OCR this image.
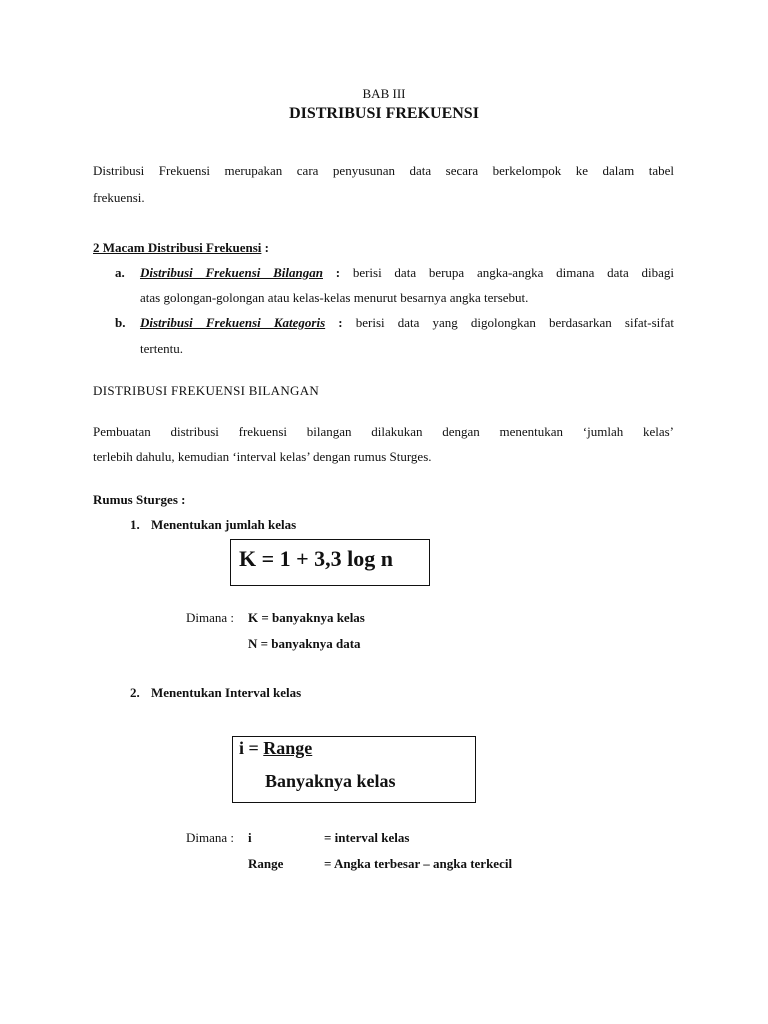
BAB III
DISTRIBUSI FREKUENSI
Distribusi Frekuensi merupakan cara penyusunan data secara berkelompok ke dalam tabel
frekuensi.
2 Macam Distribusi Frekuensi :
a. Distribusi Frekuensi Bilangan : berisi data berupa angka-angka dimana data dibagi
atas golongan-golongan atau kelas-kelas menurut besarnya angka tersebut.
b. Distribusi Frekuensi Kategoris : berisi data yang digolongkan berdasarkan sifat-sifat
tertentu.
DISTRIBUSI FREKUENSI BILANGAN
Pembuatan distribusi frekuensi bilangan dilakukan dengan menentukan ‘jumlah kelas’
terlebih dahulu, kemudian ‘interval kelas’ dengan rumus Sturges.
Rumus Sturges :
1. Menentukan jumlah kelas
K = 1 + 3,3 log n
Dimana : K = banyaknya kelas
N = banyaknya data
2. Menentukan Interval kelas
i = Range
Banyaknya kelas
Dimana : i	= interval kelas
Range	= Angka terbesar – angka terkecil
